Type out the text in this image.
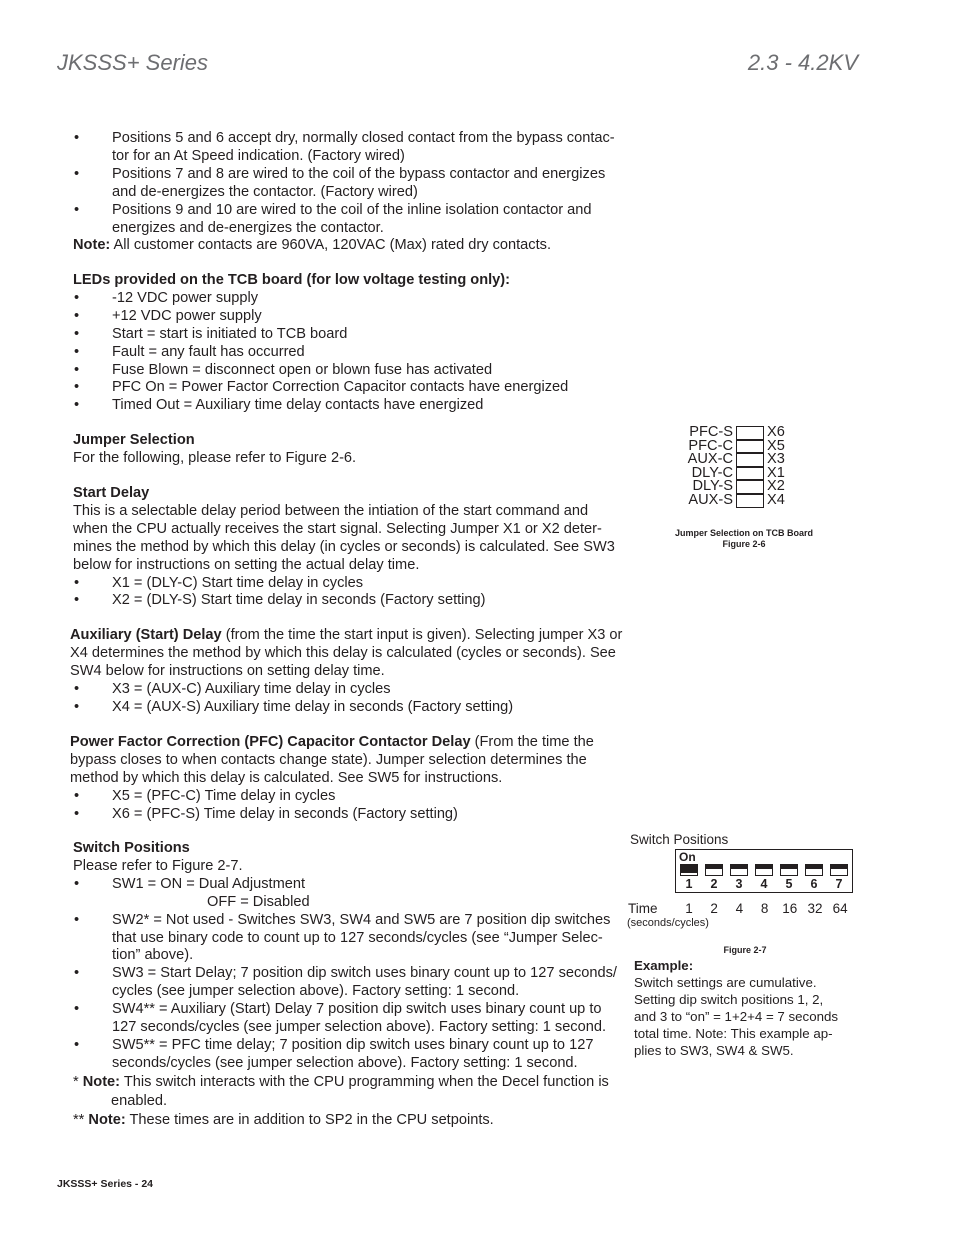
JKSSS+ Series	2.3 - 4.2KV
• Positions 5 and 6 accept dry, normally closed contact from the bypass contac-
tor for an At Speed indication. (Factory wired)
• Positions 7 and 8 are wired to the coil of the bypass contactor and energizes
and de-energizes the contactor. (Factory wired)
• Positions 9 and 10 are wired to the coil of the inline isolation contactor and
energizes and de-energizes the contactor.
Note: All customer contacts are 960VA, 120VAC (Max) rated dry contacts.
LEDs provided on the TCB board (for low voltage testing only):
• -12 VDC power supply
• +12 VDC power supply
• Start = start is initiated to TCB board
• Fault = any fault has occurred
• Fuse Blown = disconnect open or blown fuse has activated
• PFC On = Power Factor Correction Capacitor contacts have energized
• Timed Out = Auxiliary time delay contacts have energized
Jumper Selection
For the following, please refer to Figure 2-6.
Start Delay
This is a selectable delay period between the intiation of the start command and
when the CPU actually receives the start signal. Selecting Jumper X1 or X2 deter-
mines the method by which this delay (in cycles or seconds) is calculated. See SW3
below for instructions on setting the actual delay time.
• X1 = (DLY-C) Start time delay in cycles
• X2 = (DLY-S) Start time delay in seconds (Factory setting)
Auxiliary (Start) Delay (from the time the start input is given). Selecting jumper X3 or
X4 determines the method by which this delay is calculated (cycles or seconds). See
SW4 below for instructions on setting delay time.
• X3 = (AUX-C) Auxiliary time delay in cycles
• X4 = (AUX-S) Auxiliary time delay in seconds (Factory setting)
Power Factor Correction (PFC) Capacitor Contactor Delay (From the time the
bypass closes to when contacts change state). Jumper selection determines the
method by which this delay is calculated. See SW5 for instructions.
• X5 = (PFC-C) Time delay in cycles
• X6 = (PFC-S) Time delay in seconds (Factory setting)
Switch Positions
Please refer to Figure 2-7.
• SW1 = ON = Dual Adjustment
OFF = Disabled
• SW2* = Not used - Switches SW3, SW4 and SW5 are 7 position dip switches
that use binary code to count up to 127 seconds/cycles (see “Jumper Selec-
tion” above).
• SW3 = Start Delay; 7 position dip switch uses binary count up to 127 seconds/
cycles (see jumper selection above). Factory setting: 1 second.
• SW4** = Auxiliary (Start) Delay 7 position dip switch uses binary count up to
127 seconds/cycles (see jumper selection above). Factory setting: 1 second.
• SW5** = PFC time delay; 7 position dip switch uses binary count up to 127
seconds/cycles (see jumper selection above). Factory setting: 1 second.
* Note: This switch interacts with the CPU programming when the Decel function is
enabled.
** Note: These times are in addition to SP2 in the CPU setpoints.
PFC-S X6
PFC-C X5
AUX-C X3
DLY-C X1
DLY-S X2
AUX-S X4
Jumper Selection on TCB Board
Figure 2-6
Switch Positions
On
1	2	3	4	5	6	7
Time
(seconds/cycles)
1	2	4	8	16 32 64
Figure 2-7
Example:
Switch settings are cumulative.
Setting dip switch positions 1, 2,
and 3 to “on” = 1+2+4 = 7 seconds
total time. Note: This example ap-
plies to SW3, SW4 & SW5.
JKSSS+ Series - 24
